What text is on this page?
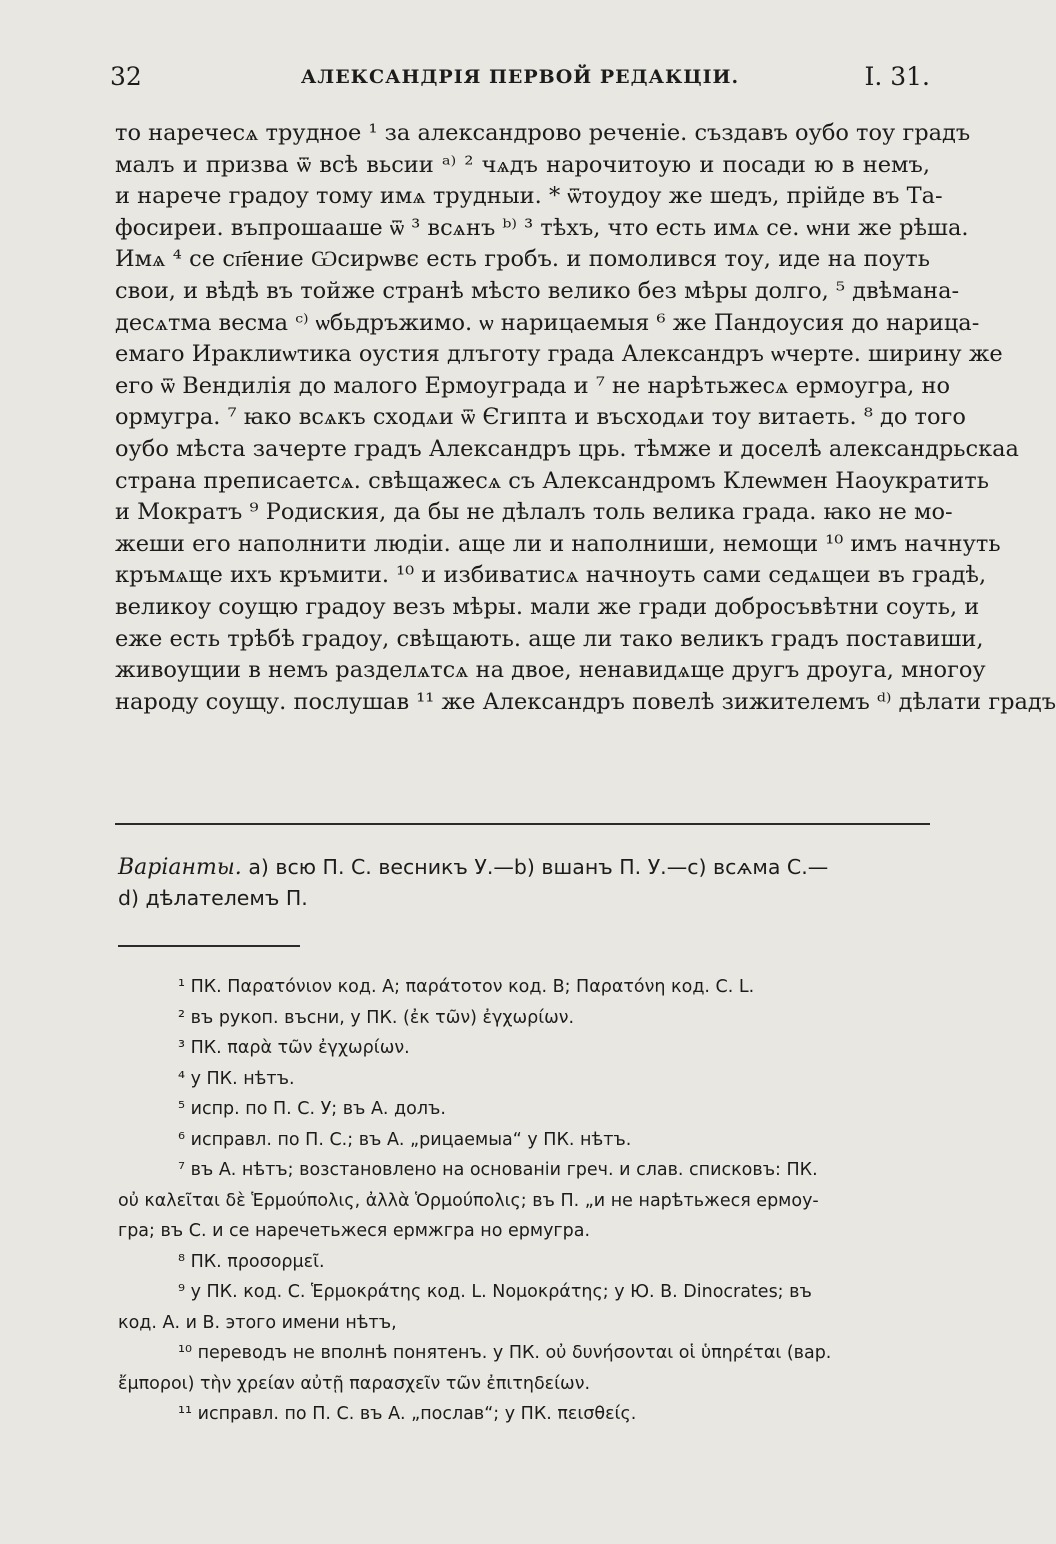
32	АЛЕКСАНДРІЯ ПЕРВОЙ РЕДАКЦІИ.	I. 31.
то наречесѧ трудное ¹ за александрово реченіе. създавъ оубо тоу градъ
малъ и призва ѿ всѣ вьсии ᵃ⁾ ² чѧдъ нарочитоую и посади ю в немъ,
и нарече градоу тому имѧ трудныи. * ѿтоудоу же шедъ, прійде въ Та-
фосиреи. въпрошааше ѿ ³ всѧнъ ᵇ⁾ ³ тѣхъ, что есть имѧ се. ѡни же рѣша.
Имѧ ⁴ се сп҃ение Ѡсирѡвє есть гробъ. и помолився тоу, иде на поуть
свои, и вѣдѣ въ тойже странѣ мѣсто велико без мѣры долго, ⁵ двѣмана-
десѧтма весма ᶜ⁾ ѡбьдръжимо. ѡ нарицаемыя ⁶ же Пандоусия до нарица-
емаго Ираклиѡтика оустия длъготу града Александръ ѡчерте. ширину же
его ѿ Вендилія до малого Ермоуграда и ⁷ не нарѣтьжесѧ ермоугра, но
ормугра. ⁷ ꙗко всѧкъ сходѧи ѿ Єгипта и въсходѧи тоу витаеть. ⁸ до того
оубо мѣста зачерте градъ Александръ црь. тѣмже и доселѣ александрьскаа
страна преписаетсѧ. свѣщажесѧ съ Александромъ Клеѡмен Наоукратить
и Мократъ ⁹ Родиския, да бы не дѣлалъ толь велика града. ꙗко не мо-
жеши его наполнити людіи. аще ли и наполниши, немощи ¹⁰ имъ начнуть
кръмѧще ихъ кръмити. ¹⁰ и избиватисѧ начноуть сами седѧщеи въ градѣ,
великоу соущю градоу везъ мѣры. мали же гради добросъвѣтни соуть, и
еже есть трѣбѣ градоу, свѣщають. аще ли тако великъ градъ поставиши,
живоущии в немъ разделѧтсѧ на двое, ненавидѧще другъ дроуга, многоу
народу соущу. послушав ¹¹ же Александръ повелѣ зижителемъ ᵈ⁾ дѣлати градъ
Варіанты. а) всю П. С. весникъ У.—b) вшанъ П. У.—с) всѧма С.—
d) дѣлателемъ П.
¹ ПК. Παρατόνιον код. А; παράτοτον код. В; Παρατόνη код. С. L.
² въ рукоп. въсни, у ПК. (ἐκ τῶν) ἐγχωρίων.
³ ПК. παρὰ τῶν ἐγχωρίων.
⁴ у ПК. нѣтъ.
⁵ испр. по П. С. У; въ А. долъ.
⁶ исправл. по П. С.; въ А. „рицаемыа“ у ПК. нѣтъ.
⁷ въ А. нѣтъ; возстановлено на основаніи греч. и слав. списковъ: ПК.
οὐ καλεῖται δὲ Ἑρμούπολις, ἀλλὰ Ὁρμούπολις; въ П. „и не нарѣтьжеся ермоу-
гра; въ С. и се наречетьжеся ермжгра но ермугра.
⁸ ПК. προσορμεῖ.
⁹ у ПК. код. С. Ἑρμοκράτης код. L. Νομοκράτης; у Ю. В. Dinocrates; въ
код. А. и В. этого имени нѣтъ,
¹⁰ переводъ не вполнѣ понятенъ. у ПК. οὐ δυνήσονται οἱ ὑπηρέται (вар.
ἔμποροι) τὴν χρείαν αὐτῇ παρασχεῖν τῶν ἐπιτηδείων.
¹¹ исправл. по П. С. въ А. „послав“; у ПК. πεισθείς.
